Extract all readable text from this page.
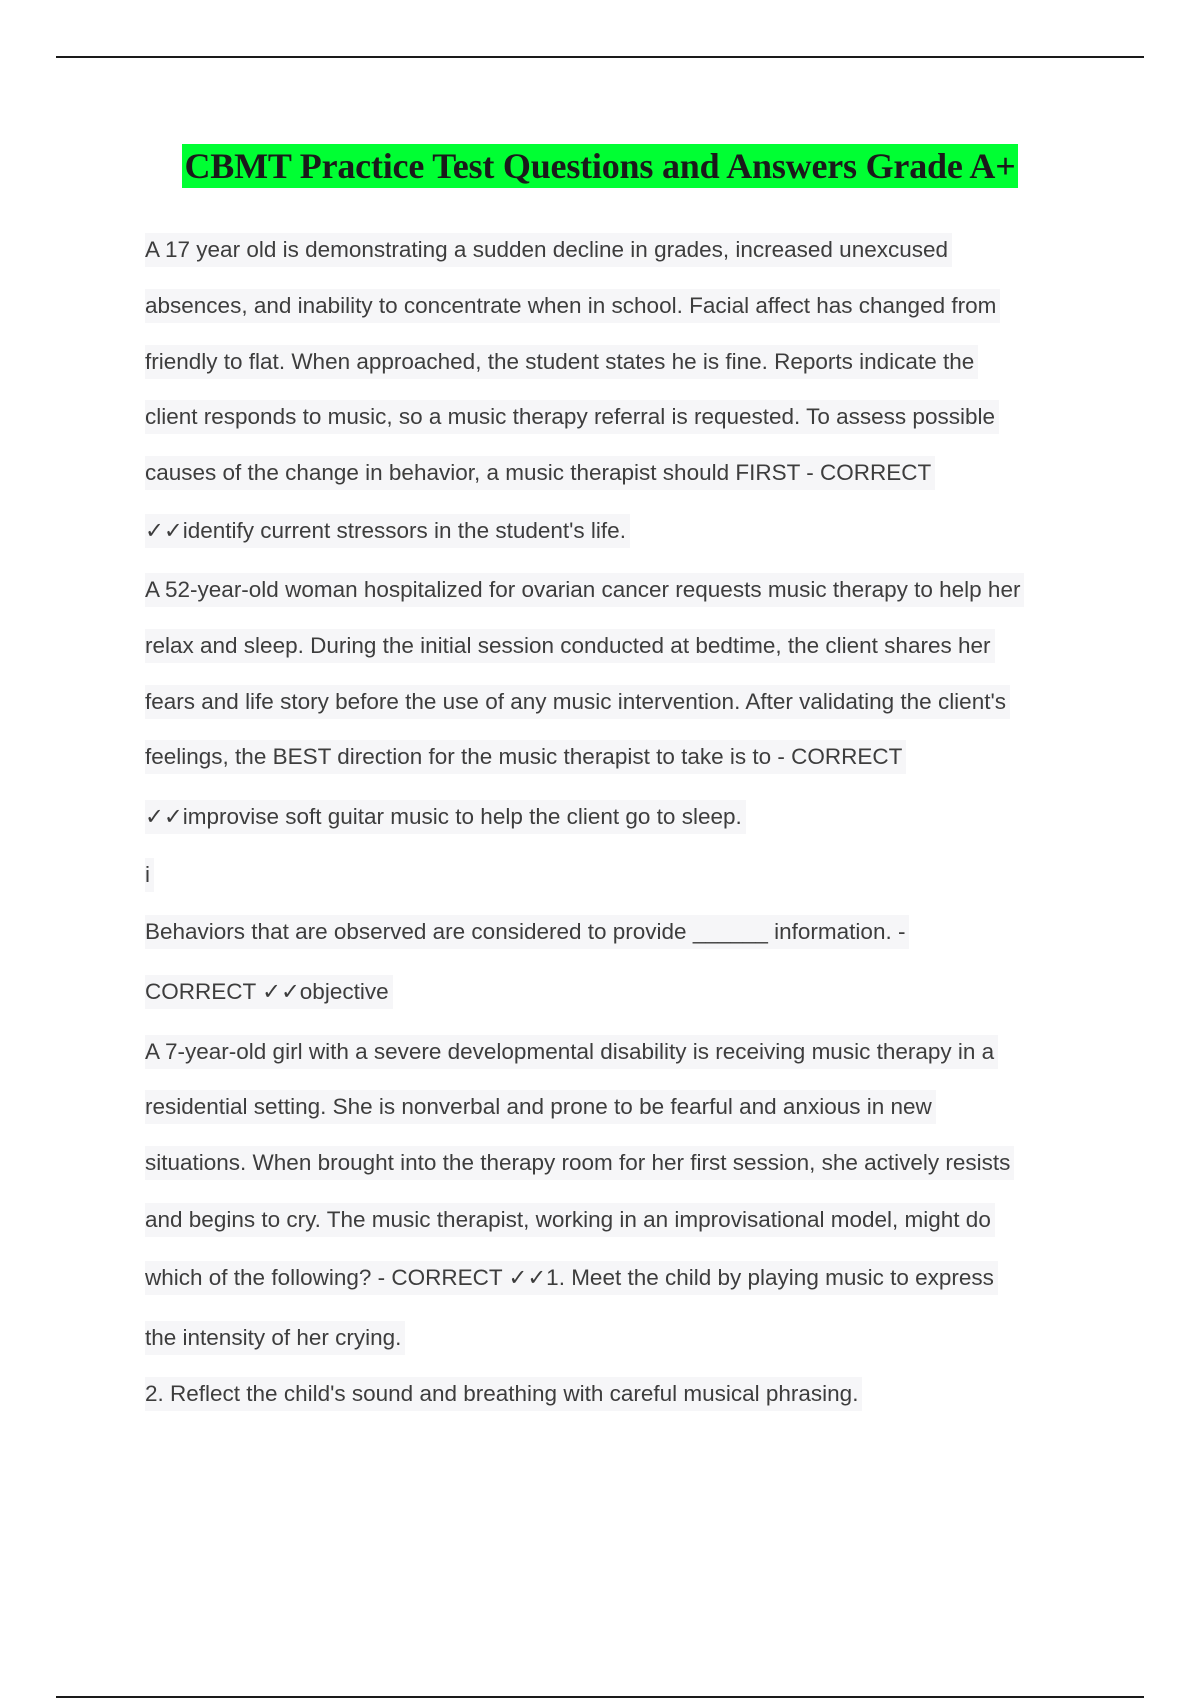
CBMT Practice Test Questions and Answers Grade A+
A 17 year old is demonstrating a sudden decline in grades, increased unexcused
absences, and inability to concentrate when in school. Facial affect has changed from
friendly to flat. When approached, the student states he is fine. Reports indicate the
client responds to music, so a music therapy referral is requested. To assess possible
causes of the change in behavior, a music therapist should FIRST - CORRECT
✓✓identify current stressors in the student's life.
A 52-year-old woman hospitalized for ovarian cancer requests music therapy to help her
relax and sleep. During the initial session conducted at bedtime, the client shares her
fears and life story before the use of any music intervention. After validating the client's
feelings, the BEST direction for the music therapist to take is to - CORRECT
✓✓improvise soft guitar music to help the client go to sleep.
i
Behaviors that are observed are considered to provide ______ information. -
CORRECT ✓✓objective
A 7-year-old girl with a severe developmental disability is receiving music therapy in a
residential setting. She is nonverbal and prone to be fearful and anxious in new
situations. When brought into the therapy room for her first session, she actively resists
and begins to cry. The music therapist, working in an improvisational model, might do
which of the following? - CORRECT ✓✓1. Meet the child by playing music to express
the intensity of her crying.
2. Reflect the child's sound and breathing with careful musical phrasing.
